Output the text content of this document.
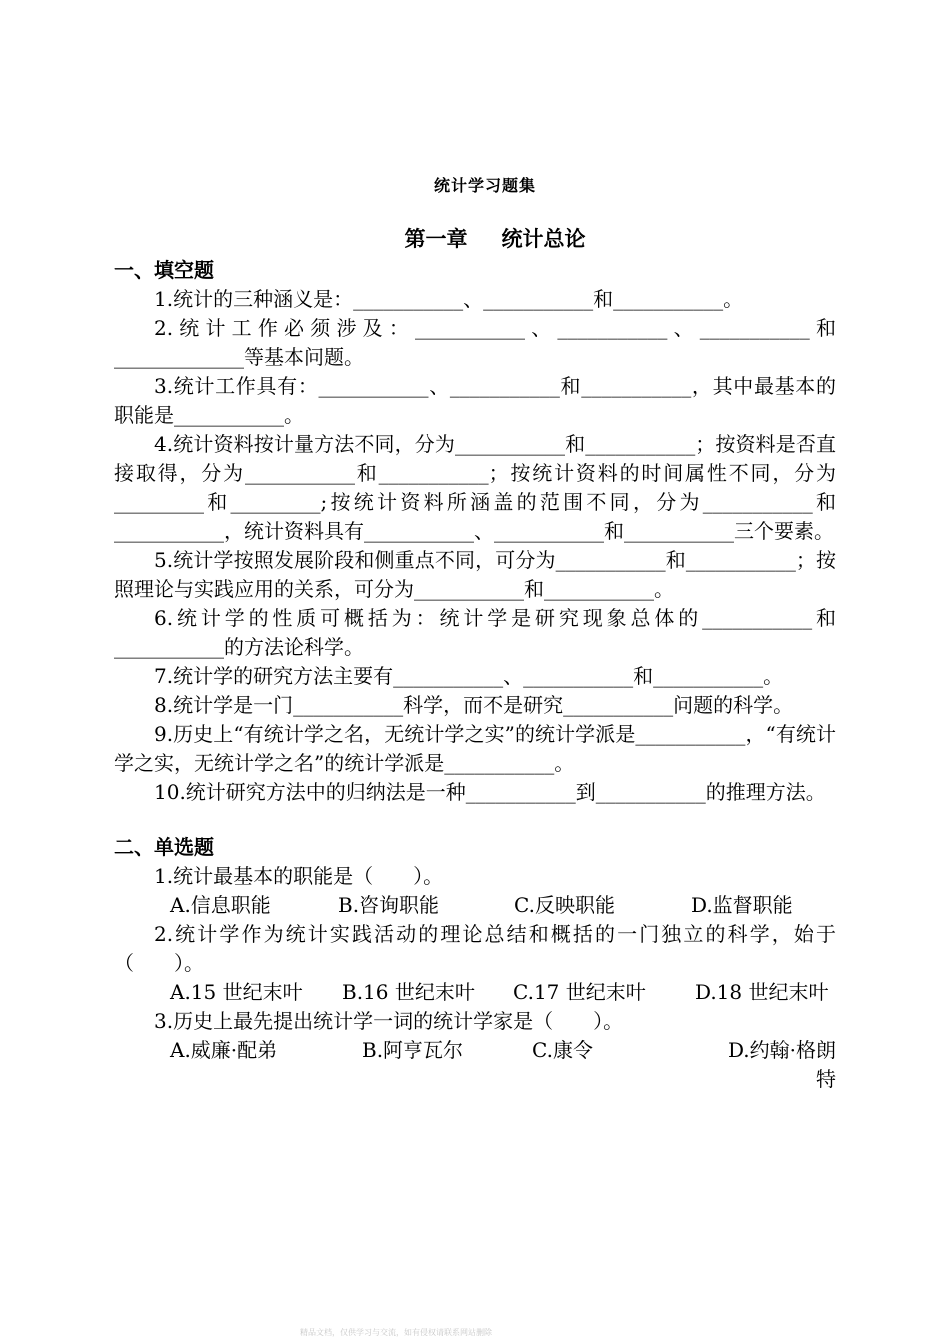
统计学习题集
第一章 统计总论
一、填空题

1.统计的三种涵义是：___________、___________和___________。

2.统计工作必须涉及：___________、___________、___________和_____________等基本问题。

3.统计工作具有：___________、___________和___________，其中最基本的职能是___________。

4.统计资料按计量方法不同，分为___________和___________；按资料是否直接取得，分为___________和___________；按统计资料的时间属性不同，分为_________和_________;按统计资料所涵盖的范围不同，分为___________和___________，统计资料具有___________、___________和___________三个要素。

5.统计学按照发展阶段和侧重点不同，可分为___________和___________；按照理论与实践应用的关系，可分为___________和___________。

6.统计学的性质可概括为：统计学是研究现象总体的___________和___________的方法论科学。

7.统计学的研究方法主要有___________、___________和___________。

8.统计学是一门___________科学，而不是研究___________问题的科学。

9.历史上“有统计学之名，无统计学之实”的统计学派是___________，“有统计学之实，无统计学之名”的统计学派是___________。

10.统计研究方法中的归纳法是一种___________到___________的推理方法。

二、单选题

1.统计最基本的职能是（　　）。

A.信息职能	B.咨询职能	C.反映职能	D.监督职能

2.统计学作为统计实践活动的理论总结和概括的一门独立的科学，始于（　　）。

A.15 世纪末叶	B.16 世纪末叶	C.17 世纪末叶	D.18 世纪末叶

3.历史上最先提出统计学一词的统计学家是（　　）。

A.威廉·配弟	B.阿亨瓦尔	C.康令	D.约翰·格朗特
精品文档，仅供学习与交流，如有侵权请联系网站删除
